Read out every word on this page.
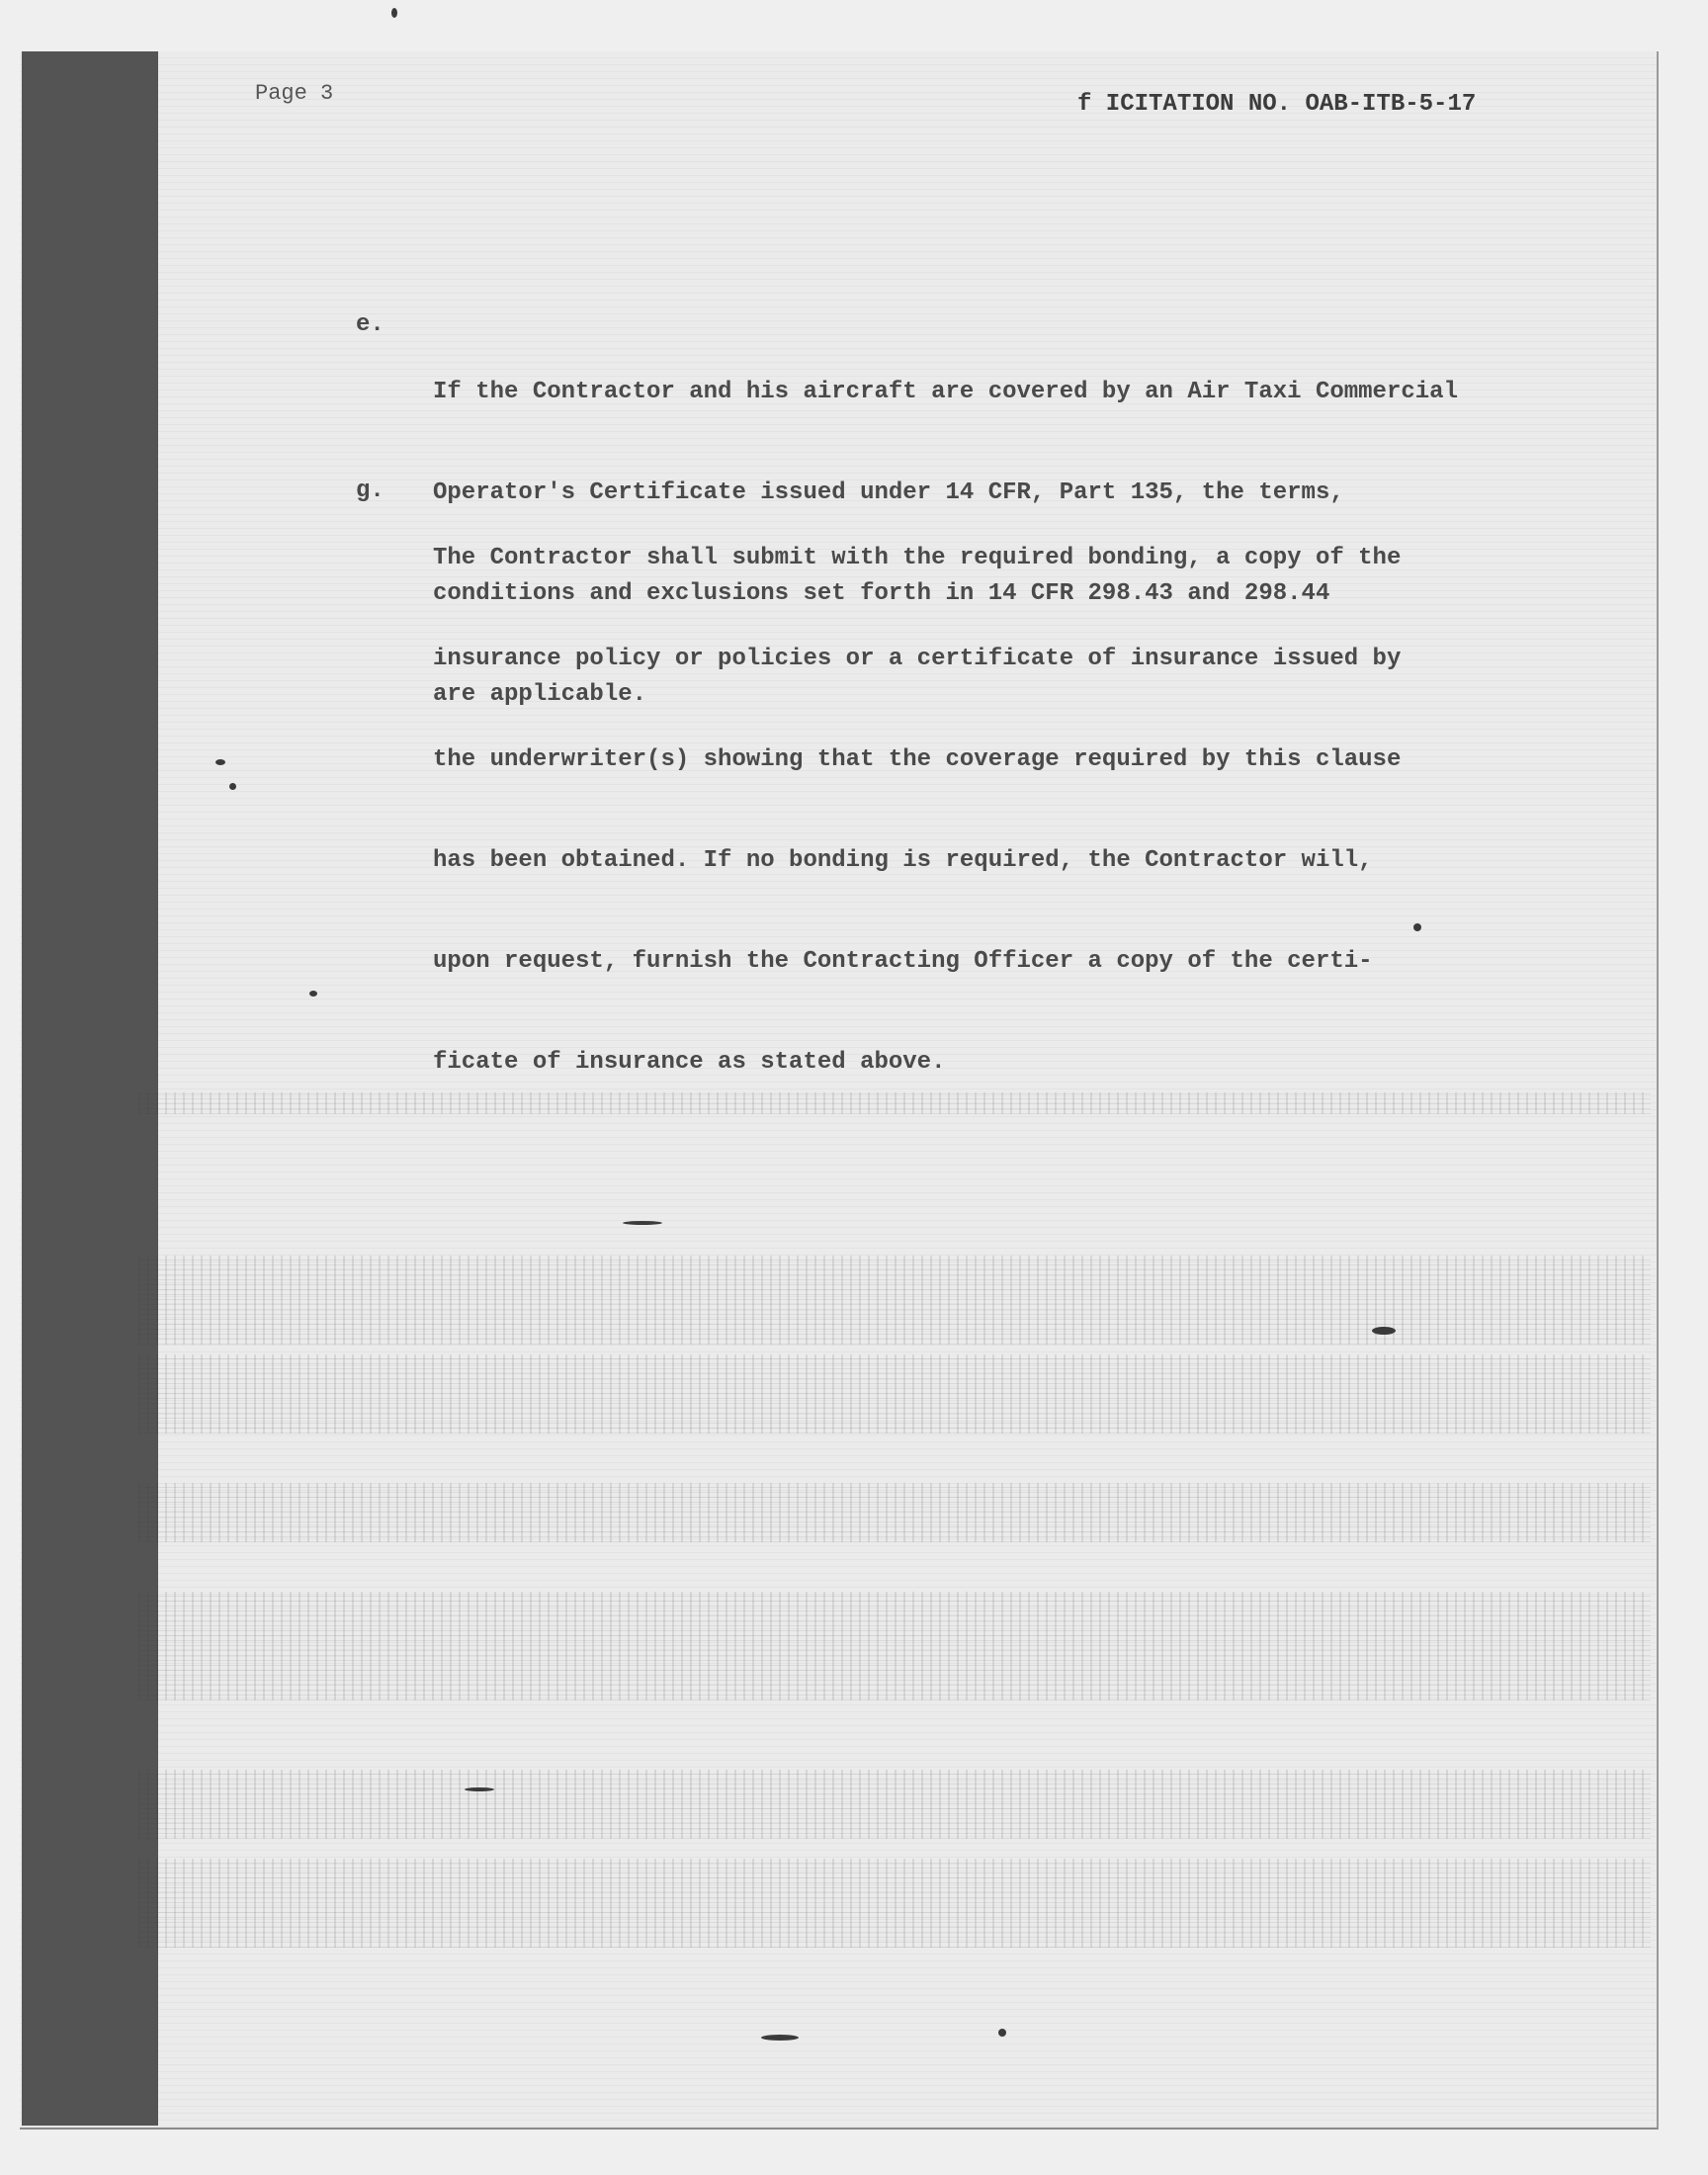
Page 3	f ICITATION NO. OAB-ITB-5-17
e.

If the Contractor and his aircraft are covered by an Air Taxi Commercial

Operator's Certificate issued under 14 CFR, Part 135, the terms,

conditions and exclusions set forth in 14 CFR 298.43 and 298.44

are applicable.

g.

The Contractor shall submit with the required bonding, a copy of the

insurance policy or policies or a certificate of insurance issued by

the underwriter(s) showing that the coverage required by this clause

has been obtained. If no bonding is required, the Contractor will,

upon request, furnish the Contracting Officer a copy of the certi-

ficate of insurance as stated above.
